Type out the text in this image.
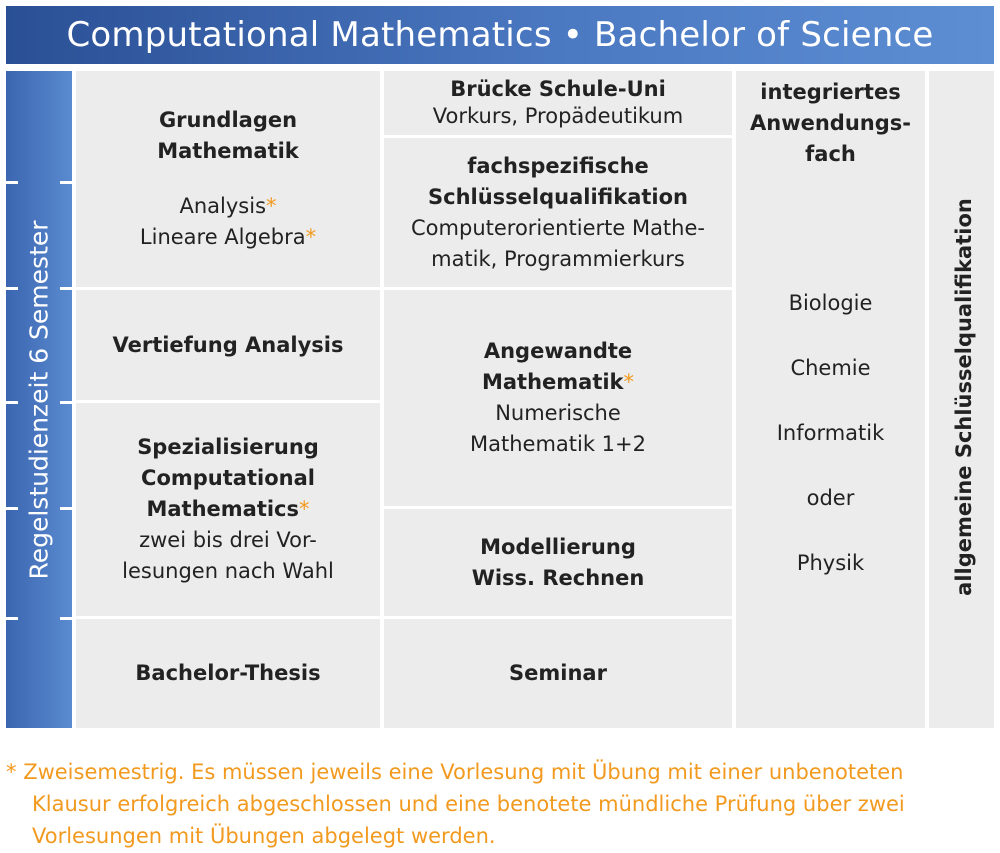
Computational Mathematics • Bachelor of Science
Regelstudienzeit 6 Semester
Grundlagen
Mathematik
Analysis*
Lineare Algebra*
Vertiefung Analysis
Spezialisierung
Computational
Mathematics*
zwei bis drei Vor-
lesungen nach Wahl
Bachelor-Thesis
Brücke Schule-Uni
Vorkurs, Propädeutikum
fachspezifische
Schlüsselqualifikation
Computerorientierte Mathe-
matik, Programmierkurs
Angewandte
Mathematik*
Numerische
Mathematik 1+2
Modellierung
Wiss. Rechnen
Seminar
integriertes
Anwendungs-
fach
Biologie
Chemie
Informatik
oder
Physik	allgemeine Schlüsselqualifikation
* Zweisemestrig. Es müssen jeweils eine Vorlesung mit Übung mit einer unbenoteten
Klausur erfolgreich abgeschlossen und eine benotete mündliche Prüfung über zwei
Vorlesungen mit Übungen abgelegt werden.
